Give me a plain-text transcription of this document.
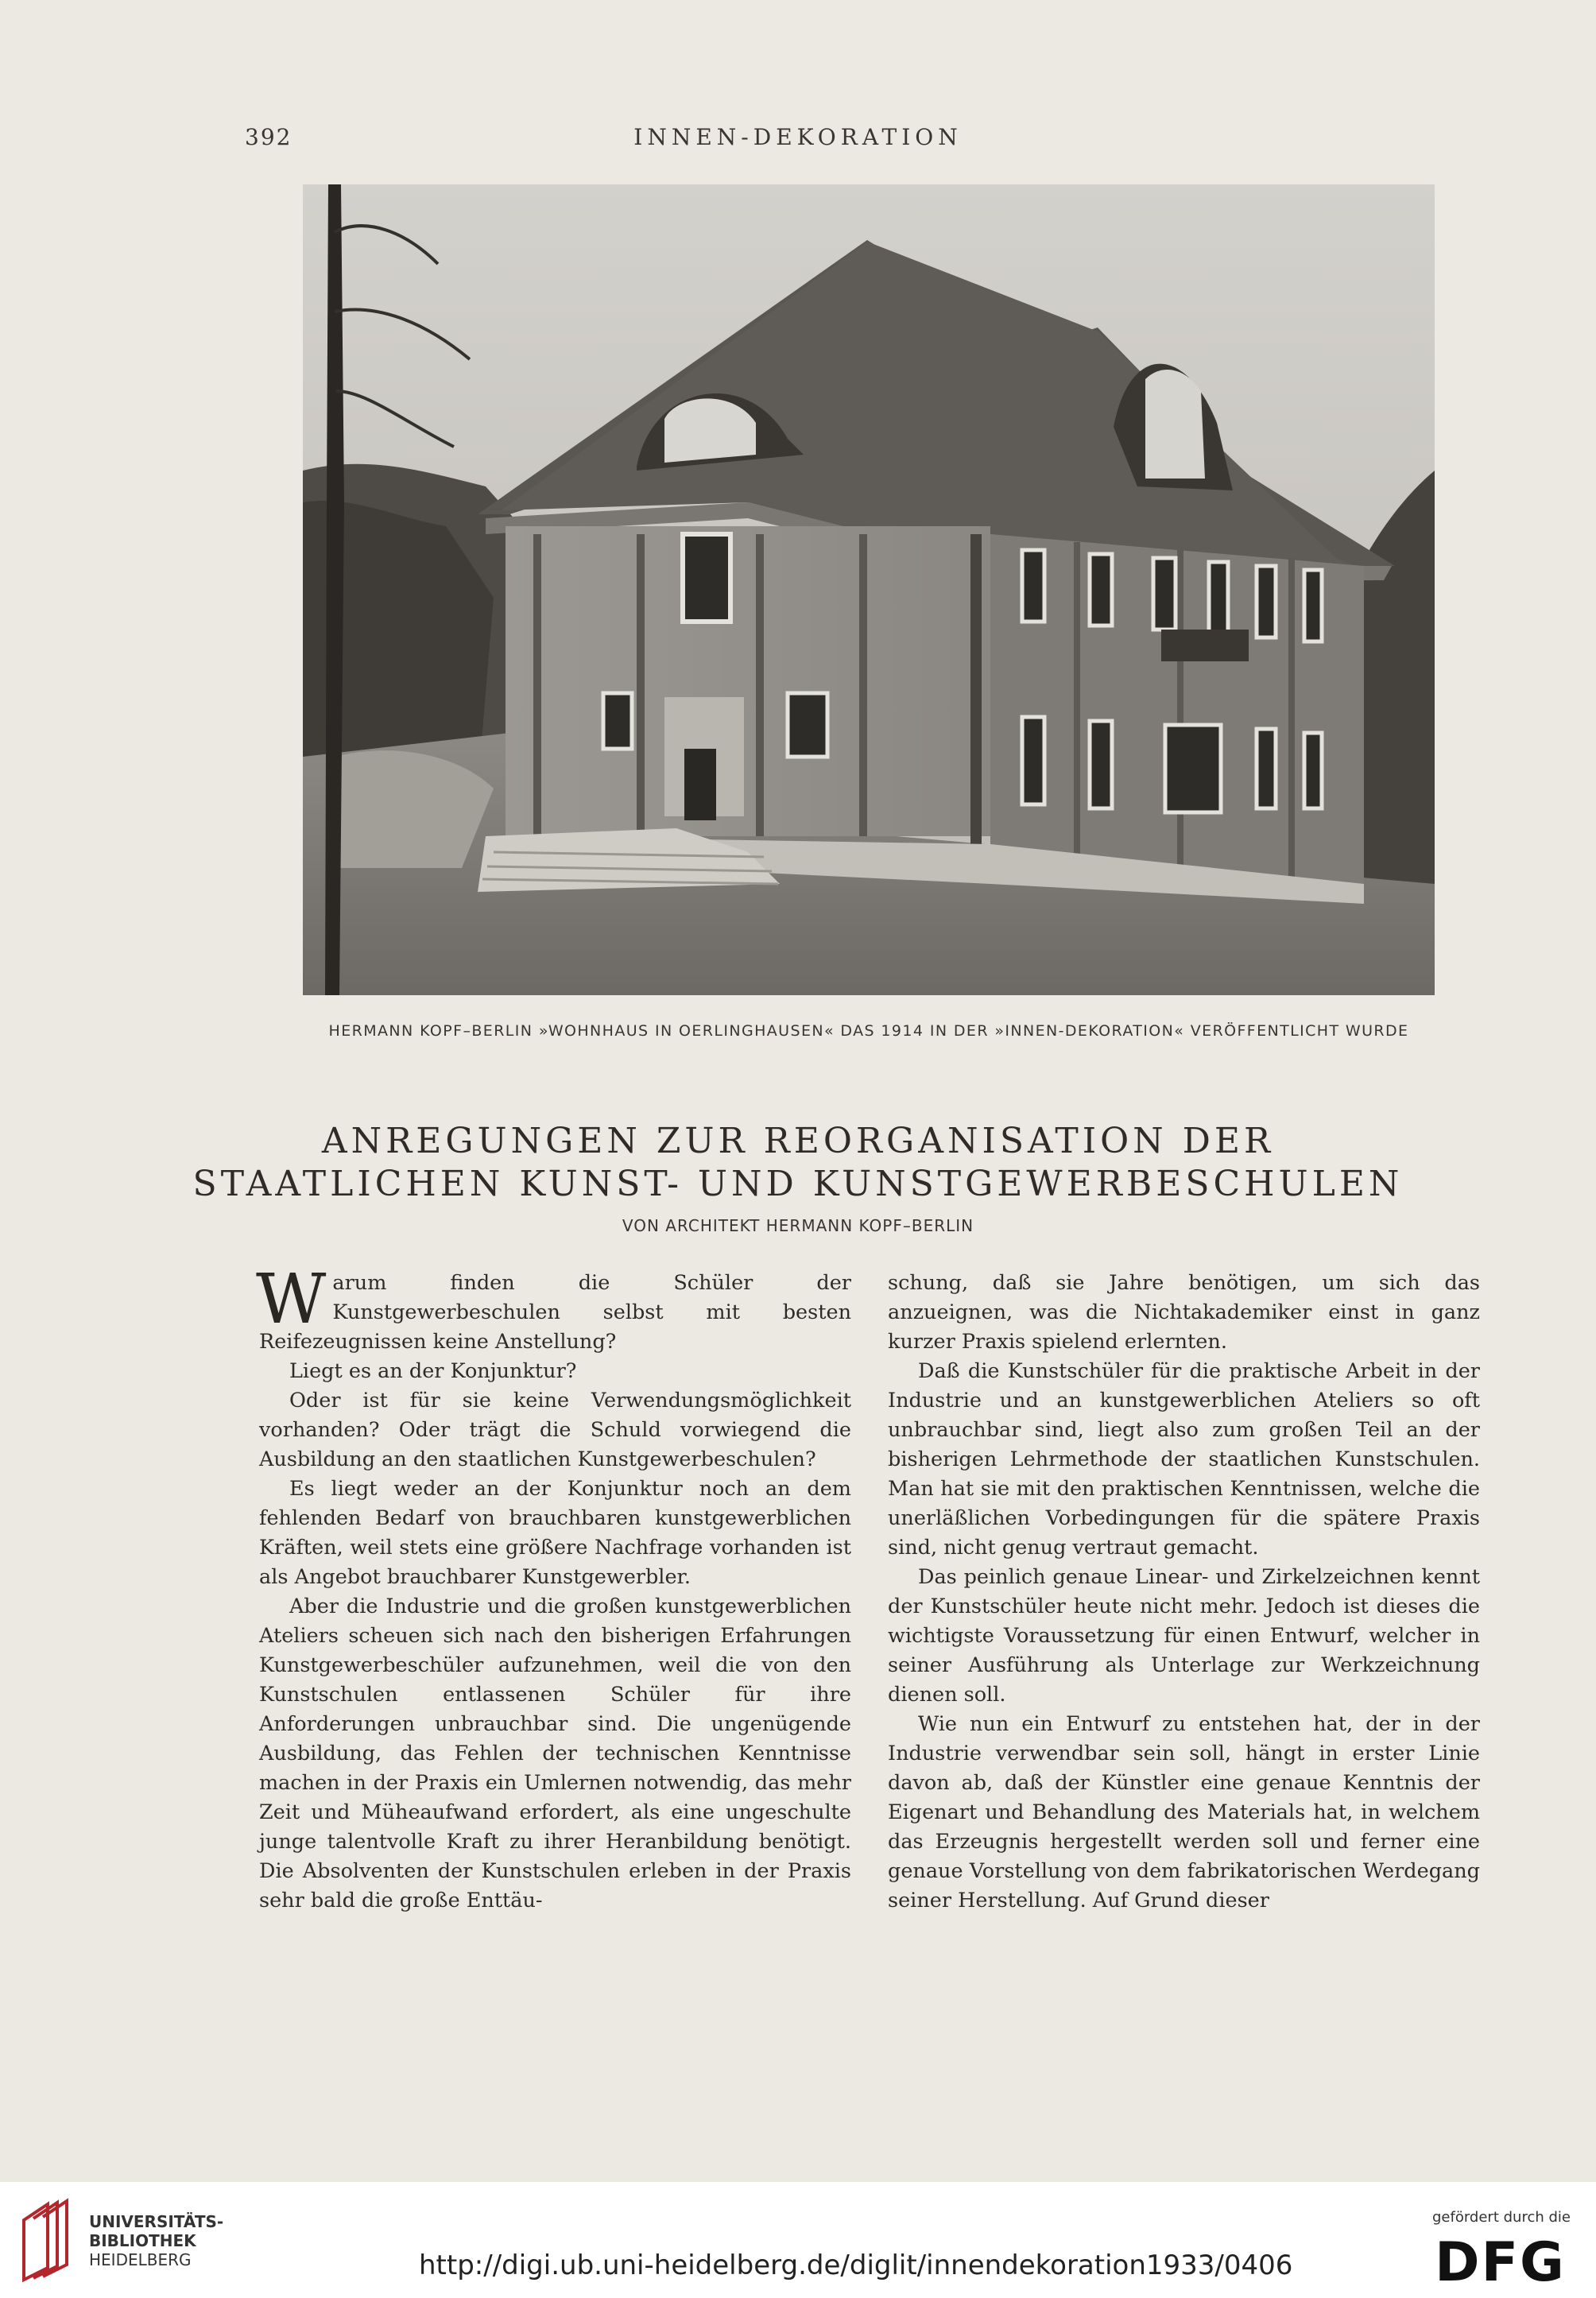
392	INNEN-DEKORATION
HERMANN KOPF–BERLIN »WOHNHAUS IN OERLINGHAUSEN« DAS 1914 IN DER »INNEN-DEKORATION« VERÖFFENTLICHT WURDE
ANREGUNGEN ZUR REORGANISATION DER
STAATLICHEN KUNST- UND KUNSTGEWERBESCHULEN
VON ARCHITEKT HERMANN KOPF–BERLIN

Warum finden die Schüler der Kunstgewerbeschulen selbst mit besten Reifezeugnissen keine Anstellung?

Liegt es an der Konjunktur?

Oder ist für sie keine Verwendungsmöglichkeit vorhanden? Oder trägt die Schuld vorwiegend die Ausbildung an den staatlichen Kunstgewerbeschulen?

Es liegt weder an der Konjunktur noch an dem fehlenden Bedarf von brauchbaren kunstgewerblichen Kräften, weil stets eine größere Nachfrage vorhanden ist als Angebot brauchbarer Kunstgewerbler.

Aber die Industrie und die großen kunstgewerblichen Ateliers scheuen sich nach den bisherigen Erfahrungen Kunstgewerbeschüler aufzunehmen, weil die von den Kunstschulen entlassenen Schüler für ihre Anforderungen unbrauchbar sind. Die ungenügende Ausbildung, das Fehlen der technischen Kenntnisse machen in der Praxis ein Umlernen notwendig, das mehr Zeit und Müheaufwand erfordert, als eine ungeschulte junge talentvolle Kraft zu ihrer Heranbildung benötigt. Die Absolventen der Kunstschulen erleben in der Praxis sehr bald die große Enttäu-

schung, daß sie Jahre benötigen, um sich das anzueignen, was die Nichtakademiker einst in ganz kurzer Praxis spielend erlernten.

Daß die Kunstschüler für die praktische Arbeit in der Industrie und an kunstgewerblichen Ateliers so oft unbrauchbar sind, liegt also zum großen Teil an der bisherigen Lehrmethode der staatlichen Kunstschulen. Man hat sie mit den praktischen Kenntnissen, welche die unerläßlichen Vorbedingungen für die spätere Praxis sind, nicht genug vertraut gemacht.

Das peinlich genaue Linear- und Zirkelzeichnen kennt der Kunstschüler heute nicht mehr. Jedoch ist dieses die wichtigste Voraussetzung für einen Entwurf, welcher in seiner Ausführung als Unterlage zur Werkzeichnung dienen soll.

Wie nun ein Entwurf zu entstehen hat, der in der Industrie verwendbar sein soll, hängt in erster Linie davon ab, daß der Künstler eine genaue Kenntnis der Eigenart und Behandlung des Materials hat, in welchem das Erzeugnis hergestellt werden soll und ferner eine genaue Vorstellung von dem fabrikatorischen Werdegang seiner Herstellung. Auf Grund dieser

UNIVERSITÄTS-
BIBLIOTHEK
HEIDELBERG	http://digi.ub.uni-heidelberg.de/diglit/innendekoration1933/0406
gefördert durch die
DFG
